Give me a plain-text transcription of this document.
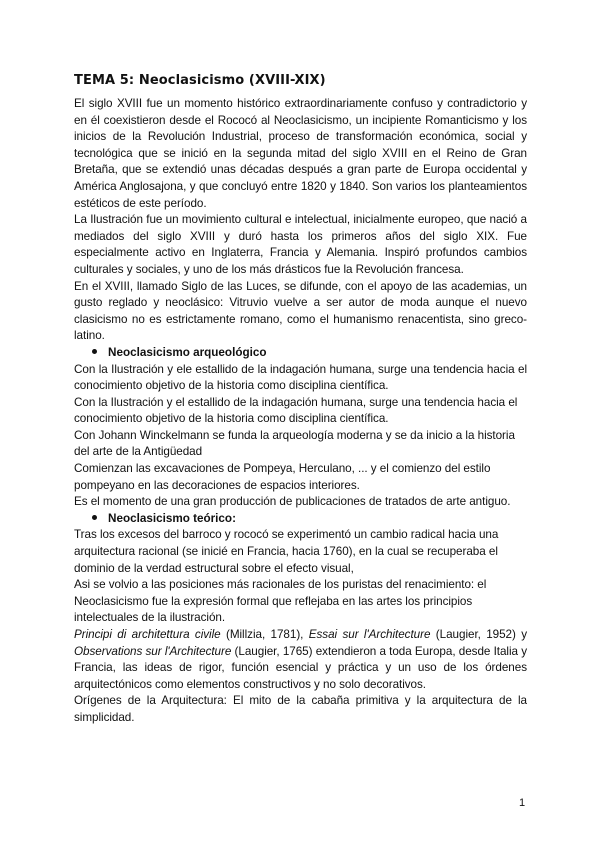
TEMA 5: Neoclasicismo (XVIII-XIX)

El siglo XVIII fue un momento histórico extraordinariamente confuso y contradictorio y en él coexistieron desde el Rococó al Neoclasicismo, un incipiente Romanticismo y los inicios de la Revolución Industrial, proceso de transformación económica, social y tecnológica que se inició en la segunda mitad del siglo XVIII en el Reino de Gran Bretaña, que se extendió unas décadas después a gran parte de Europa occidental y América Anglosajona, y que concluyó entre 1820 y 1840. Son varios los planteamientos estéticos de este período.

La Ilustración fue un movimiento cultural e intelectual, inicialmente europeo, que nació a mediados del siglo XVIII y duró hasta los primeros años del siglo XIX. Fue especialmente activo en Inglaterra, Francia y Alemania. Inspiró profundos cambios culturales y sociales, y uno de los más drásticos fue la Revolución francesa.

En el XVIII, llamado Siglo de las Luces, se difunde, con el apoyo de las academias, un gusto reglado y neoclásico: Vitruvio vuelve a ser autor de moda aunque el nuevo clasicismo no es estrictamente romano, como el humanismo renacentista, sino greco-latino.

Neoclasicismo arqueológico

Con la Ilustración y ele estallido de la indagación humana, surge una tendencia hacia el conocimiento objetivo de la historia como disciplina científica.

Con la Ilustración y el estallido de la indagación humana, surge una tendencia hacia el conocimiento objetivo de la historia como disciplina científica.

Con Johann Winckelmann se funda la arqueología moderna y se da inicio a la historia del arte de la Antigüedad

Comienzan las excavaciones de Pompeya, Herculano, ... y el comienzo del estilo pompeyano en las decoraciones de espacios interiores.

Es el momento de una gran producción de publicaciones de tratados de arte antiguo.

Neoclasicismo teórico:

Tras los excesos del barroco y rococó se experimentó un cambio radical hacia una arquitectura racional (se inicié en Francia, hacia 1760), en la cual se recuperaba el dominio de la verdad estructural sobre el efecto visual,

Asi se volvio a las posiciones más racionales de los puristas del renacimiento: el Neoclasicismo fue la expresión formal que reflejaba en las artes los principios intelectuales de la ilustración.

Principi di architettura civile (Millzia, 1781), Essai sur l'Architecture (Laugier, 1952) y Observations sur l'Architecture (Laugier, 1765) extendieron a toda Europa, desde Italia y Francia, las ideas de rigor, función esencial y práctica y un uso de los órdenes arquitectónicos como elementos constructivos y no solo decorativos.

Orígenes de la Arquitectura: El mito de la cabaña primitiva y la arquitectura de la simplicidad.

1
